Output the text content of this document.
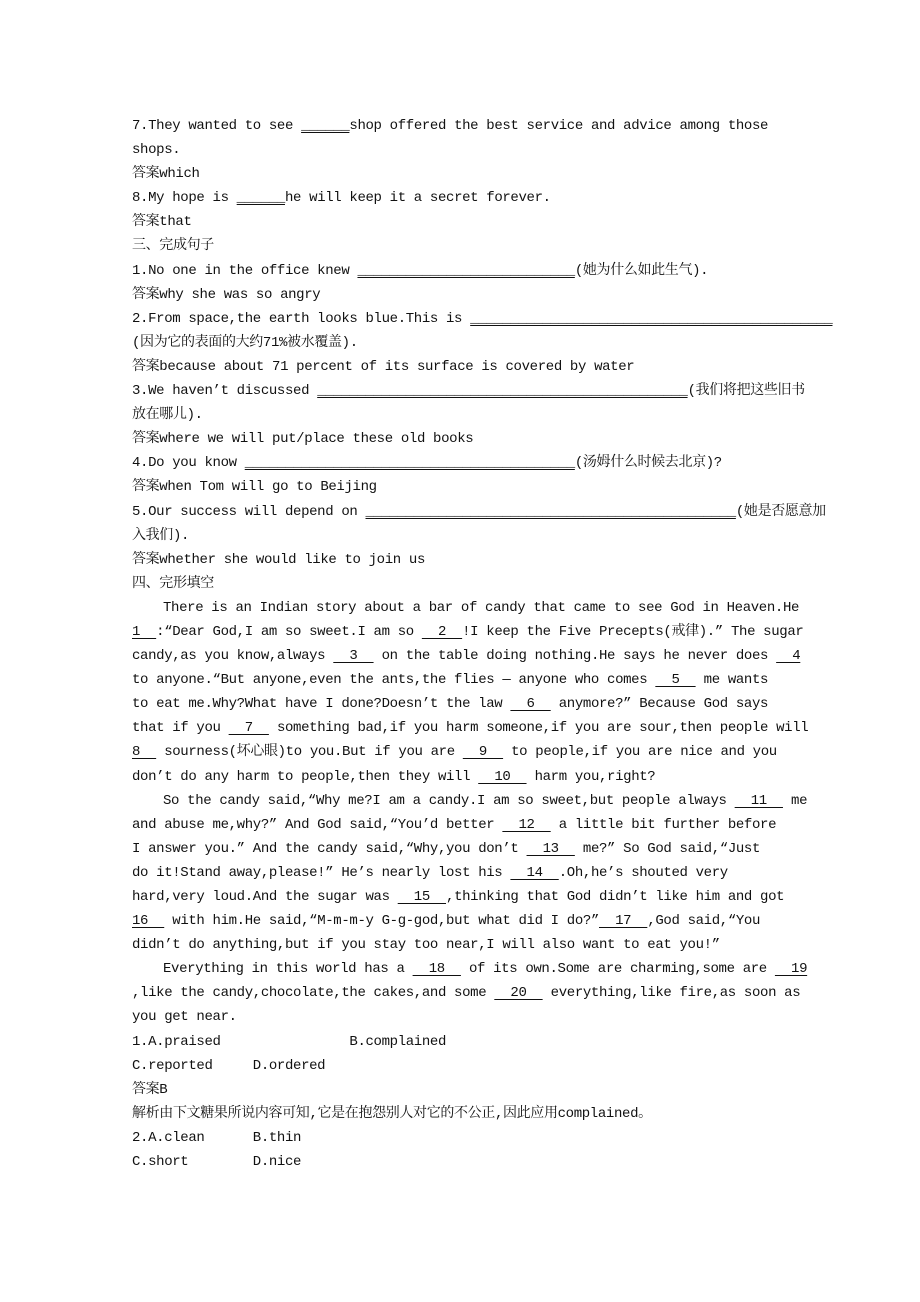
7.They wanted to see ______shop offered the best service and advice among those
shops.
答案which
8.My hope is ______he will keep it a secret forever.
答案that
三、完成句子
1.No one in the office knew ___________________________(她为什么如此生气).
答案why she was so angry
2.From space,the earth looks blue.This is _____________________________________________
(因为它的表面的大约71%被水覆盖).
答案because about 71 percent of its surface is covered by water
3.We haven’t discussed ______________________________________________(我们将把这些旧书
放在哪儿).
答案where we will put/place these old books
4.Do you know _________________________________________(汤姆什么时候去北京)?
答案when Tom will go to Beijing
5.Our success will depend on ______________________________________________(她是否愿意加
入我们).
答案whether she would like to join us
四、完形填空
There is an Indian story about a bar of candy that came to see God in Heaven.He
1  :“Dear God,I am so sweet.I am so   2  !I keep the Five Precepts(戒律).” The sugar
candy,as you know,always   3   on the table doing nothing.He says he never does   4
to anyone.“But anyone,even the ants,the flies — anyone who comes   5   me wants
to eat me.Why?What have I done?Doesn’t the law   6   anymore?” Because God says
that if you   7   something bad,if you harm someone,if you are sour,then people will
8   sourness(坏心眼)to you.But if you are   9   to people,if you are nice and you
don’t do any harm to people,then they will   10   harm you,right?
So the candy said,“Why me?I am a candy.I am so sweet,but people always   11   me
and abuse me,why?” And God said,“You’d better   12   a little bit further before
I answer you.” And the candy said,“Why,you don’t   13   me?” So God said,“Just
do it!Stand away,please!” He’s nearly lost his   14  .Oh,he’s shouted very
hard,very loud.And the sugar was   15  ,thinking that God didn’t like him and got
16   with him.He said,“M-m-m-y G-g-god,but what did I do?”  17  ,God said,“You
didn’t do anything,but if you stay too near,I will also want to eat you!”
Everything in this world has a   18   of its own.Some are charming,some are   19
,like the candy,chocolate,the cakes,and some   20   everything,like fire,as soon as
you get near.
1.A.praised                B.complained
C.reported     D.ordered
答案B
解析由下文糖果所说内容可知,它是在抱怨别人对它的不公正,因此应用complained。
2.A.clean      B.thin
C.short        D.nice
